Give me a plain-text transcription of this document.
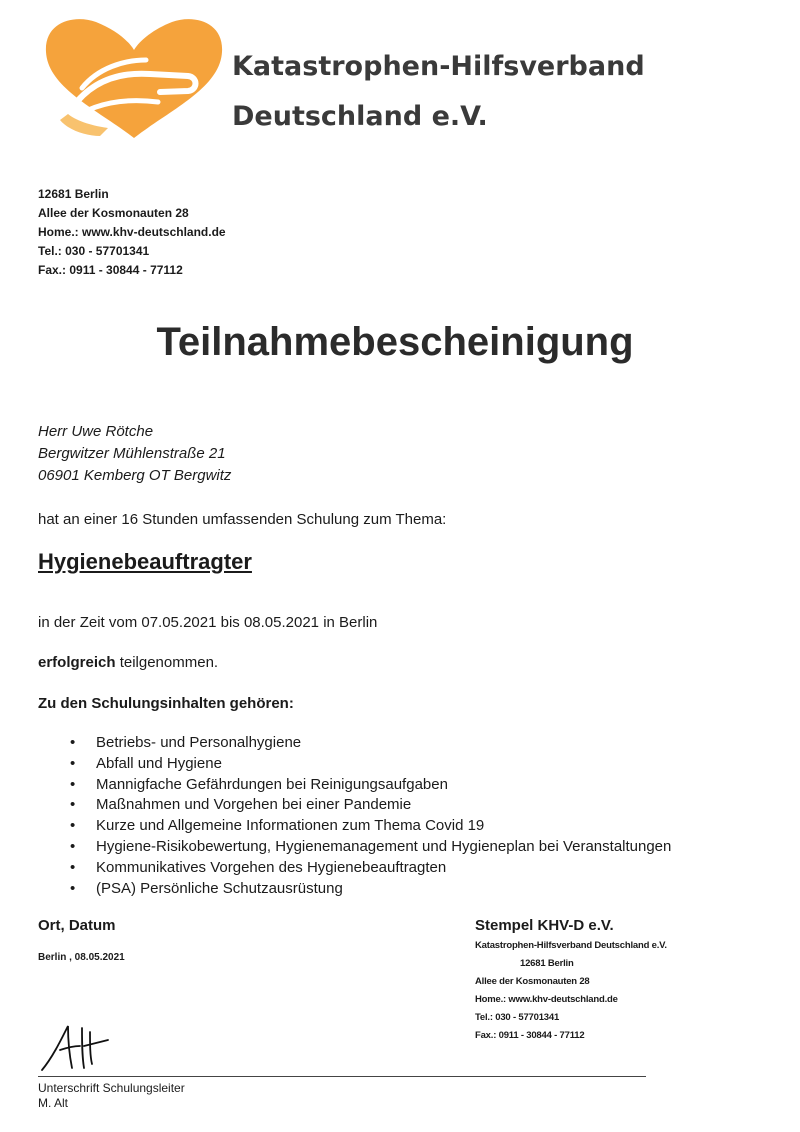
Katastrophen-Hilfsverband
Deutschland e.V.
12681 Berlin
Allee der Kosmonauten 28
Home.: www.khv-deutschland.de
Tel.: 030 - 57701341
Fax.: 0911 - 30844 - 77112
Teilnahmebescheinigung
Herr Uwe Rötche
Bergwitzer Mühlenstraße 21
06901 Kemberg OT Bergwitz
hat an einer 16 Stunden umfassenden Schulung zum Thema:
Hygienebeauftragter
in der Zeit vom 07.05.2021 bis 08.05.2021 in Berlin
erfolgreich teilgenommen.
Zu den Schulungsinhalten gehören:
• Betriebs- und Personalhygiene
• Abfall und Hygiene
• Mannigfache Gefährdungen bei Reinigungsaufgaben
• Maßnahmen und Vorgehen bei einer Pandemie
• Kurze und Allgemeine Informationen zum Thema Covid 19
• Hygiene-Risikobewertung, Hygienemanagement und Hygieneplan bei Veranstaltungen
• Kommunikatives Vorgehen des Hygienebeauftragten
• (PSA) Persönliche Schutzausrüstung
Ort, Datum
Berlin , 08.05.2021
Stempel KHV-D e.V.
Katastrophen-Hilfsverband Deutschland e.V.
12681 Berlin
Allee der Kosmonauten 28
Home.: www.khv-deutschland.de
Tel.: 030 - 57701341
Fax.: 0911 - 30844 - 77112
Unterschrift Schulungsleiter
M. Alt
